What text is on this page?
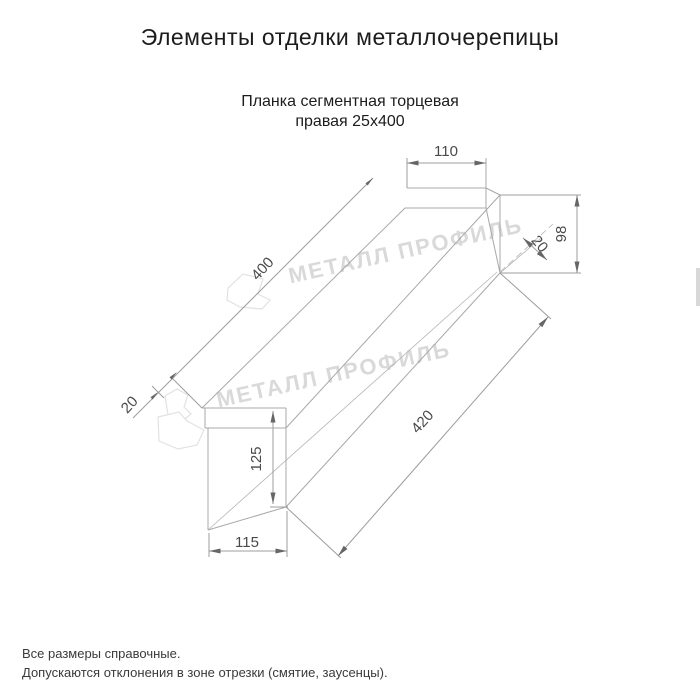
Элементы отделки металлочерепицы
Планка сегментная торцевая
правая 25х400
МЕТАЛЛ ПРОФИЛЬ
МЕТАЛЛ ПРОФИЛЬ
110
98
20
400
20
420
125
115
Все размеры справочные.
Допускаются отклонения в зоне отрезки (смятие, заусенцы).
